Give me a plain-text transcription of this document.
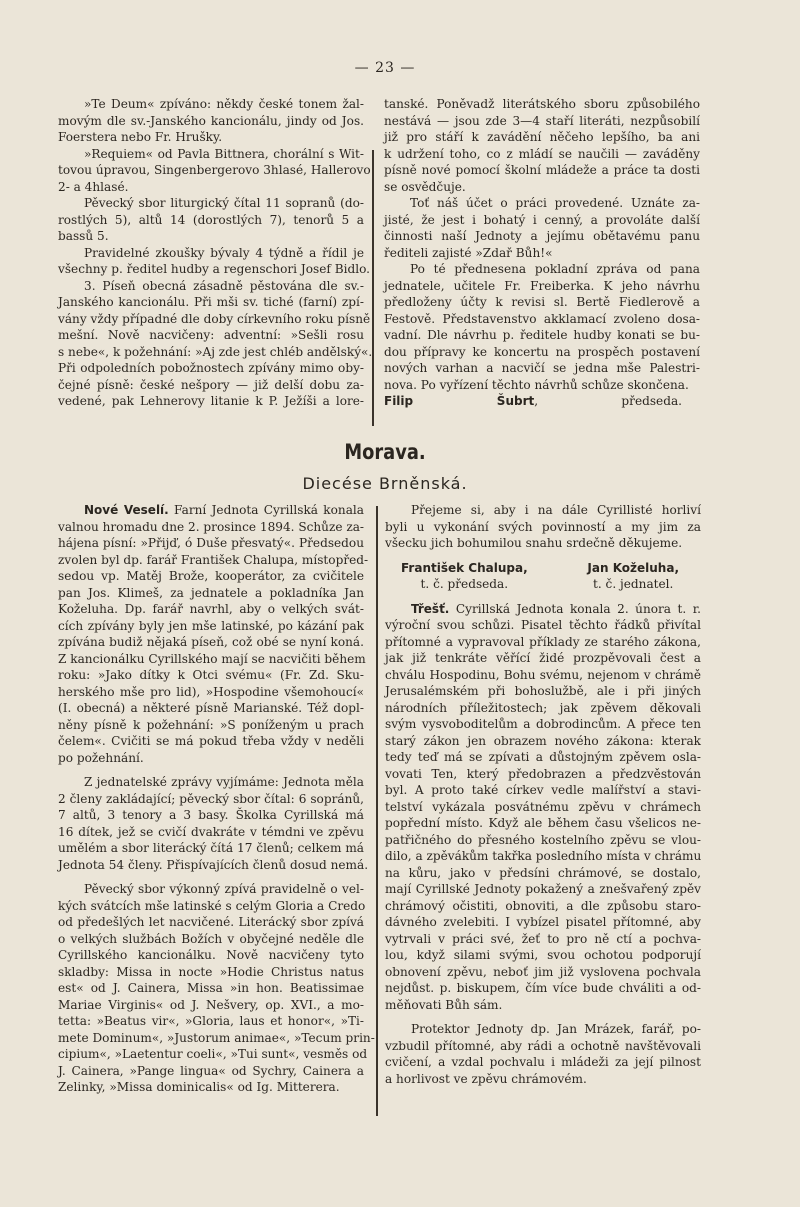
— 23 —
»Te Deum« zpíváno: někdy české tonem žal-
movým dle sv.-Janského kancionálu, jindy od Jos.
Foerstera nebo Fr. Hrušky.
»Requiem« od Pavla Bittnera, chorální s Wit-
tovou úpravou, Singenbergerovo 3hlasé, Hallerovo
2- a 4hlasé.
Pěvecký sbor liturgický čítal 11 sopranů (do-
rostlých 5), altů 14 (dorostlých 7), tenorů 5 a
bassů 5.
Pravidelné zkoušky bývaly 4 týdně a řídil je
všechny p. ředitel hudby a regenschori Josef Bidlo.
3. Píseň obecná zásadně pěstována dle sv.-
Janského kancionálu. Při mši sv. tiché (farní) zpí-
vány vždy případné dle doby církevního roku písně
mešní. Nově nacvičeny: adventní: »Sešli rosu
s nebe«, k požehnání: »Aj zde jest chléb andělský«.
Při odpoledních pobožnostech zpívány mimo oby-
čejné písně: české nešpory — již delší dobu za-
vedené, pak Lehnerovy litanie k P. Ježíši a lore-
tanské. Poněvadž literátského sboru způsobilého
nestává — jsou zde 3—4 staří literáti, nezpůsobilí
již pro stáří k zavádění něčeho lepšího, ba ani
k udržení toho, co z mládí se naučili — zaváděny
písně nové pomocí školní mládeže a práce ta dosti
se osvědčuje.
Toť náš účet o práci provedené. Uznáte za-
jisté, že jest i bohatý i cenný, a provoláte další
činnosti naší Jednoty a jejímu obětavému panu
řediteli zajisté »Zdař Bůh!«
Po té přednesena pokladní zpráva od pana
jednatele, učitele Fr. Freiberka. K jeho návrhu
předloženy účty k revisi sl. Bertě Fiedlerově a
Festově. Představenstvo akklamací zvoleno dosa-
vadní. Dle návrhu p. ředitele hudby konati se bu-
dou přípravy ke koncertu na prospěch postavení
nových varhan a nacvičí se jedna mše Palestri-
nova. Po vyřízení těchto návrhů schůze skončena.
Filip Šubrt, předseda.
Morava.
Diecése Brněnská.
Nové Veselí. Farní Jednota Cyrillská konala
valnou hromadu dne 2. prosince 1894. Schůze za-
hájena písní: »Přijď, ó Duše přesvatý«. Předsedou
zvolen byl dp. farář František Chalupa, místopřed-
sedou vp. Matěj Brože, kooperátor, za cvičitele
pan Jos. Klimeš, za jednatele a pokladníka Jan
Koželuha. Dp. farář navrhl, aby o velkých svát-
cích zpívány byly jen mše latinské, po kázání pak
zpívána budiž nějaká píseň, což obé se nyní koná.
Z kancionálku Cyrillského mají se nacvičiti během
roku: »Jako dítky k Otci svému« (Fr. Zd. Sku-
herského mše pro lid), »Hospodine všemohoucí«
(I. obecná) a některé písně Marianské. Též dopl-
něny písně k požehnání: »S poníženým u prach
čelem«. Cvičiti se má pokud třeba vždy v neděli
po požehnání.
Z jednatelské zprávy vyjímáme: Jednota měla
2 členy zakládající; pěvecký sbor čítal: 6 sopránů,
7 altů, 3 tenory a 3 basy. Školka Cyrillská má
16 dítek, jež se cvičí dvakráte v témdni ve zpěvu
umělém a sbor literácký čítá 17 členů; celkem má
Jednota 54 členy. Přispívajících členů dosud nemá.
Pěvecký sbor výkonný zpívá pravidelně o vel-
kých svátcích mše latinské s celým Gloria a Credo
od předešlých let nacvičené. Literácký sbor zpívá
o velkých službách Božích v obyčejné neděle dle
Cyrillského kancionálku. Nově nacvičeny tyto
skladby: Missa in nocte »Hodie Christus natus
est« od J. Cainera, Missa »in hon. Beatissimae
Mariae Virginis« od J. Nešvery, op. XVI., a mo-
tetta: »Beatus vir«, »Gloria, laus et honor«, »Ti-
mete Dominum«, »Justorum animae«, »Tecum prin-
cipium«, »Laetentur coeli«, »Tui sunt«, vesměs od
J. Cainera, »Pange lingua« od Sychry, Cainera a
Zelinky, »Missa dominicalis« od Ig. Mitterera.
Přejeme si, aby i na dále Cyrillisté horliví
byli u vykonání svých povinností a my jim za
všecku jich bohumilou snahu srdečně děkujeme.
František Chalupa,
t. č. předseda.
Jan Koželuha,
t. č. jednatel.
Třešť. Cyrillská Jednota konala 2. února t. r.
výroční svou schůzi. Pisatel těchto řádků přivítal
přítomné a vypravoval příklady ze starého zákona,
jak již tenkráte věřící židé prozpěvovali čest a
chválu Hospodinu, Bohu svému, nejenom v chrámě
Jerusalémském při bohoslužbě, ale i při jiných
národních příležitostech; jak zpěvem děkovali
svým vysvoboditelům a dobrodincům. A přece ten
starý zákon jen obrazem nového zákona: kterak
tedy teď má se zpívati a důstojným zpěvem osla-
vovati Ten, který předobrazen a předzvěstován
byl. A proto také církev vedle malířství a stavi-
telství vykázala posvátnému zpěvu v chrámech
popřední místo. Když ale během času všelicos ne-
patřičného do přesného kostelního zpěvu se vlou-
dilo, a zpěvákům takřka posledního místa v chrámu
na kůru, jako v předsíni chrámové, se dostalo,
mají Cyrillské Jednoty pokažený a znešvařený zpěv
chrámový očistiti, obnoviti, a dle způsobu staro-
dávného zvelebiti. I vybízel pisatel přítomné, aby
vytrvali v práci své, žeť to pro ně ctí a pochva-
lou, když silami svými, svou ochotou podporují
obnovení zpěvu, neboť jim již vyslovena pochvala
nejdůst. p. biskupem, čím více bude chváliti a od-
měňovati Bůh sám.
Protektor Jednoty dp. Jan Mrázek, farář, po-
vzbudil přítomné, aby rádi a ochotně navštěvovali
cvičení, a vzdal pochvalu i mládeži za její pilnost
a horlivost ve zpěvu chrámovém.
